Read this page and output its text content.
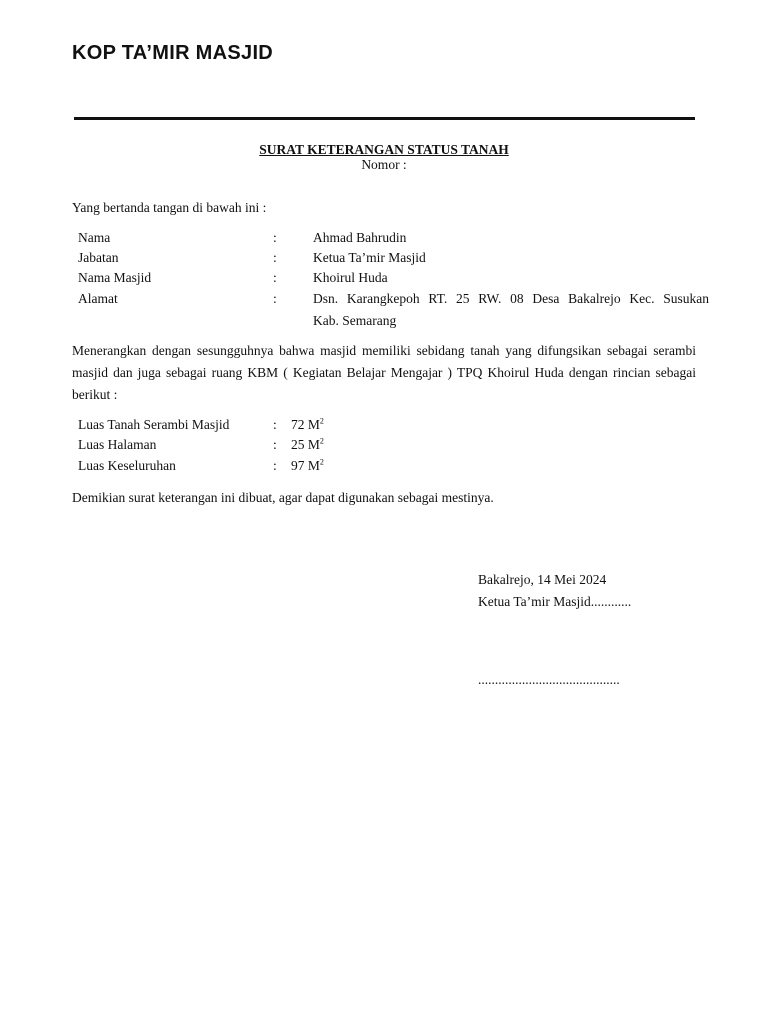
KOP TA’MIR MASJID
SURAT KETERANGAN STATUS TANAH
Nomor :
Yang bertanda tangan di bawah ini :
Nama	:	Ahmad Bahrudin
Jabatan	:	Ketua Ta’mir Masjid
Nama Masjid	:	Khoirul Huda
Alamat	:	Dsn. Karangkepoh RT. 25 RW. 08 Desa Bakalrejo Kec. Susukan
Kab. Semarang
Menerangkan dengan sesungguhnya bahwa masjid memiliki sebidang tanah yang difungsikan sebagai serambi masjid dan juga sebagai ruang KBM ( Kegiatan Belajar Mengajar ) TPQ Khoirul Huda dengan rincian sebagai berikut :
Luas Tanah Serambi Masjid	: 72 $M^2$
Luas Halaman	: 25 $M^2$
Luas Keseluruhan	: 97 $M^2$
Demikian surat keterangan ini dibuat, agar dapat digunakan sebagai mestinya.
Bakalrejo, 14 Mei 2024
Ketua Ta’mir Masjid............
..........................................
